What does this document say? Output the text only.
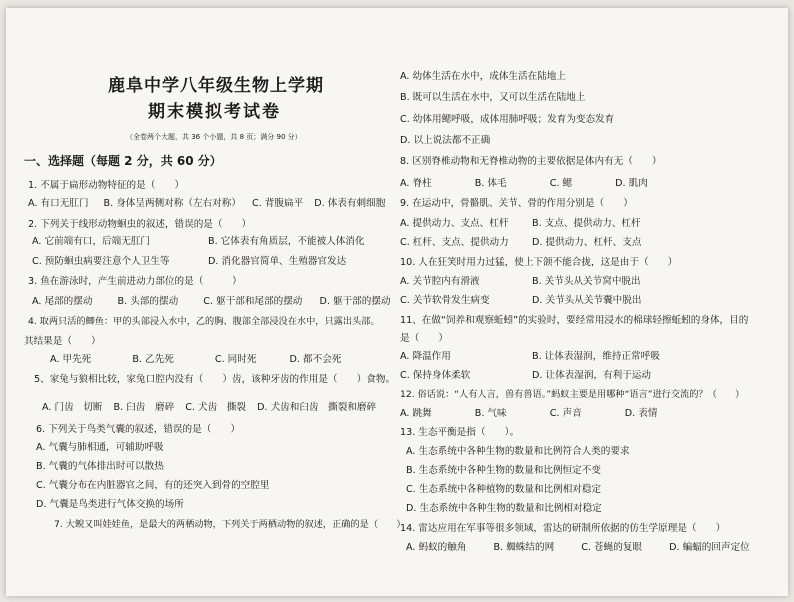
鹿阜中学八年级生物上学期
期末模拟考试卷
（全卷两个大题，共 36 个小题，共 8 页；满分 90 分）
一、选择题（每题 2 分，共 60 分）
1. 不属于扁形动物特征的是（　　）
A. 有口无肛门 B. 身体呈两侧对称（左右对称） C. 背腹扁平 D. 体表有刺细胞
2. 下列关于线形动物蛔虫的叙述，错误的是（　　）
A. 它前端有口，后端无肛门	B. 它体表有角质层，不能被人体消化
C. 预防蛔虫病要注意个人卫生等	D. 消化器官简单、生殖器官发达
3. 鱼在游泳时，产生前进动力部位的是（　　　）
A. 尾部的摆动	B. 头部的摆动	C. 躯干部和尾部的摆动 D. 躯干部的摆动
4. 取两只活的鲫鱼：甲的头部浸入水中，乙的胸、腹部全部浸没在水中，只露出头部。
其结果是（　　）
A. 甲先死	B. 乙先死	C. 同时死	D. 都不会死
5、家兔与狼相比较，家兔口腔内没有（　　）齿，该种牙齿的作用是（　　）食物。
A. 门齿　切断 B. 臼齿　磨碎 C. 犬齿　撕裂 D. 犬齿和臼齿　撕裂和磨碎
6. 下列关于鸟类气囊的叙述，错误的是（　　）
A. 气囊与肺相通，可辅助呼吸
B. 气囊的气体排出时可以散热
C. 气囊分布在内脏器官之间，有的还突入到骨的空腔里
D. 气囊是鸟类进行气体交换的场所
7. 大鲵又叫娃娃鱼，是最大的两栖动物，下列关于两栖动物的叙述，正确的是（　　）
A. 幼体生活在水中，成体生活在陆地上
B. 既可以生活在水中，又可以生活在陆地上
C. 幼体用鳃呼吸，成体用肺呼吸；发育为变态发育
D. 以上说法都不正确
8. 区别脊椎动物和无脊椎动物的主要依据是体内有无（　　）
A. 脊柱	B. 体毛	C. 鳃	D. 肌肉
9. 在运动中，骨骼肌、关节、骨的作用分别是（　　）
A. 提供动力、支点、杠杆 B. 支点、提供动力、杠杆
C. 杠杆、支点、提供动力 D. 提供动力、杠杆、支点
10. 人在狂笑时用力过猛，使上下颌不能合拢，这是由于（　　）
A. 关节腔内有滑液	B. 关节头从关节窝中脱出
C. 关节软骨发生病变	D. 关节头从关节囊中脱出
11、在做“饲养和观察蚯蚓”的实验时，要经常用浸水的棉球轻擦蚯蚓的身体，目的
是（　　）
A. 降温作用	B. 让体表湿润，维持正常呼吸
C. 保持身体柔软	D. 让体表湿润，有利于运动
12. 俗话说：“人有人言，兽有兽语。”蚂蚁主要是用哪种“语言”进行交流的？（　　）
A. 跳舞	B. 气味	C. 声音	D. 表情
13. 生态平衡是指（　　）。
A. 生态系统中各种生物的数量和比例符合人类的要求
B. 生态系统中各种生物的数量和比例恒定不变
C. 生态系统中各种植物的数量和比例相对稳定
D. 生态系统中各种生物的数量和比例相对稳定
14. 雷达应用在军事等很多领域，雷达的研制所依据的仿生学原理是（　　）
A. 蚂蚁的触角	B. 蜘蛛结的网	C. 苍蝇的复眼	D. 蝙蝠的回声定位
